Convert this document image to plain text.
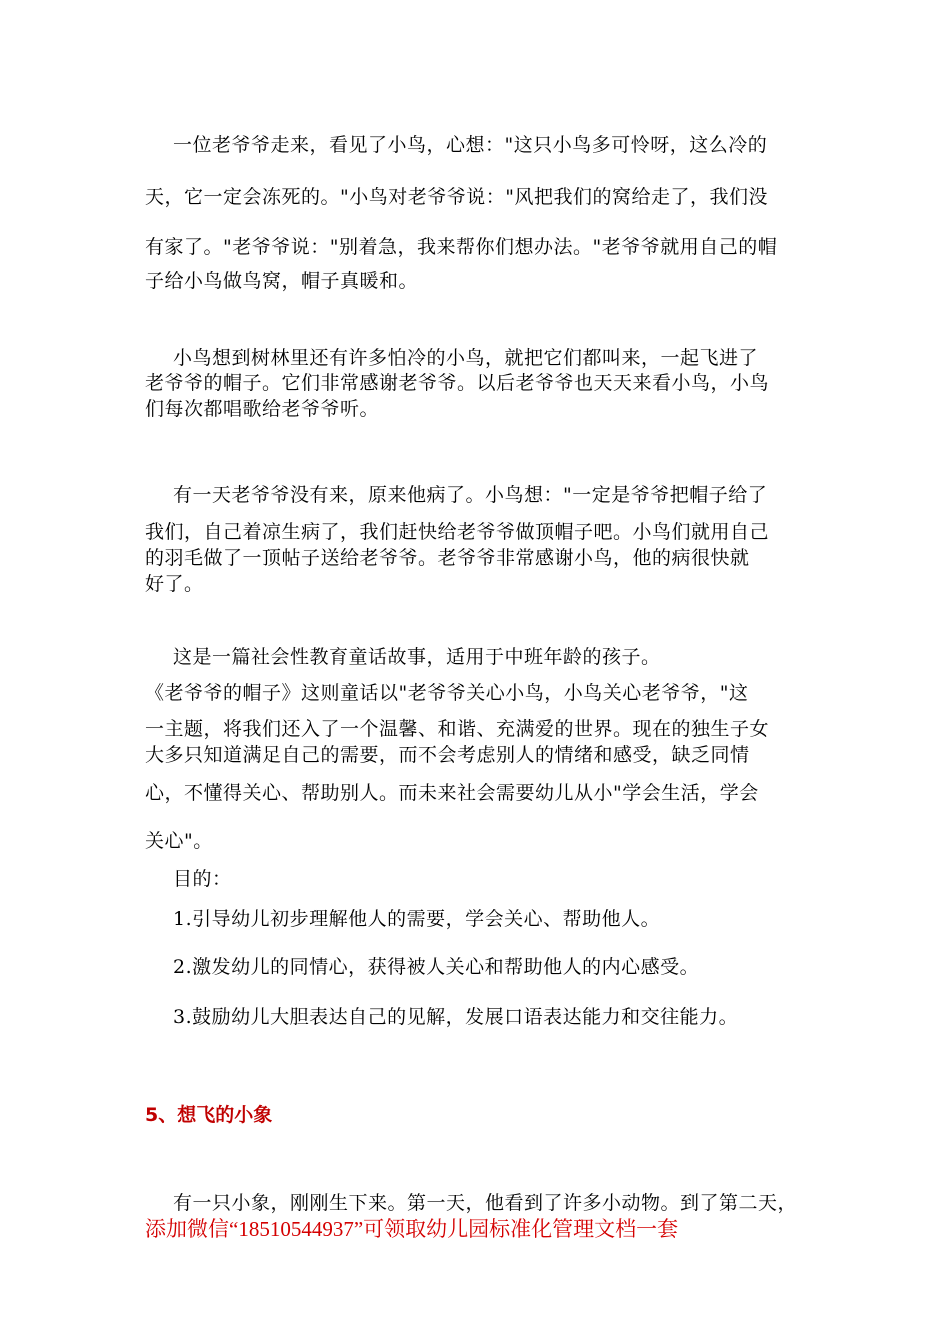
一位老爷爷走来，看见了小鸟，心想："这只小鸟多可怜呀，这么冷的
天，它一定会冻死的。"小鸟对老爷爷说："风把我们的窝给走了，我们没
有家了。"老爷爷说："别着急，我来帮你们想办法。"老爷爷就用自己的帽
子给小鸟做鸟窝，帽子真暖和。
小鸟想到树林里还有许多怕冷的小鸟，就把它们都叫来，一起飞进了
老爷爷的帽子。它们非常感谢老爷爷。以后老爷爷也天天来看小鸟，小鸟
们每次都唱歌给老爷爷听。
有一天老爷爷没有来，原来他病了。小鸟想："一定是爷爷把帽子给了
我们，自己着凉生病了，我们赶快给老爷爷做顶帽子吧。小鸟们就用自己
的羽毛做了一顶帖子送给老爷爷。老爷爷非常感谢小鸟，他的病很快就
好了。
这是一篇社会性教育童话故事，适用于中班年龄的孩子。
《老爷爷的帽子》这则童话以"老爷爷关心小鸟，小鸟关心老爷爷，"这
一主题，将我们还入了一个温馨、和谐、充满爱的世界。现在的独生子女
大多只知道满足自己的需要，而不会考虑别人的情绪和感受，缺乏同情
心，不懂得关心、帮助别人。而未来社会需要幼儿从小"学会生活，学会
关心"。
目的：
1.引导幼儿初步理解他人的需要，学会关心、帮助他人。
2.激发幼儿的同情心，获得被人关心和帮助他人的内心感受。
3.鼓励幼儿大胆表达自己的见解，发展口语表达能力和交往能力。
5、想飞的小象
有一只小象，刚刚生下来。第一天，他看到了许多小动物。到了第二天，
添加微信“18510544937”可领取幼儿园标准化管理文档一套
